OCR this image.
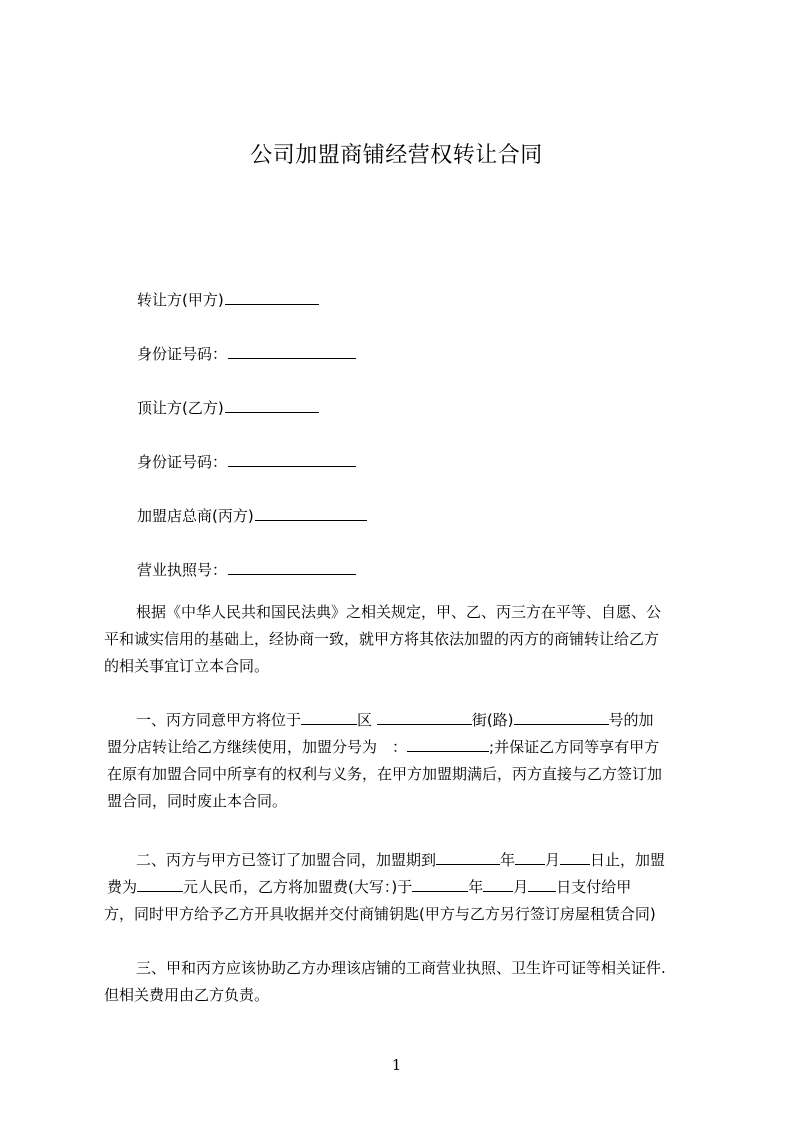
公司加盟商铺经营权转让合同
转让方(甲方)
身份证号码：
顶让方(乙方)
身份证号码：
加盟店总商(丙方)
营业执照号：
根据《中华人民共和国民法典》之相关规定，甲、乙、丙三方在平等、自愿、公
平和诚实信用的基础上，经协商一致，就甲方将其依法加盟的丙方的商铺转让给乙方
的相关事宜订立本合同。
一、丙方同意甲方将位于	区	街(路)	号的加
盟分店转让给乙方继续使用，加盟分号为　：	;并保证乙方同等享有甲方
在原有加盟合同中所享有的权利与义务，在甲方加盟期满后，丙方直接与乙方签订加
盟合同，同时废止本合同。
二、丙方与甲方已签订了加盟合同，加盟期到	年 月 日止，加盟
费为	元人民币，乙方将加盟费(大写：)于	年 月 日支付给甲
方，同时甲方给予乙方开具收据并交付商铺钥匙(甲方与乙方另行签订房屋租赁合同)
三、甲和丙方应该协助乙方办理该店铺的工商营业执照、卫生许可证等相关证件.
但相关费用由乙方负责。
1
